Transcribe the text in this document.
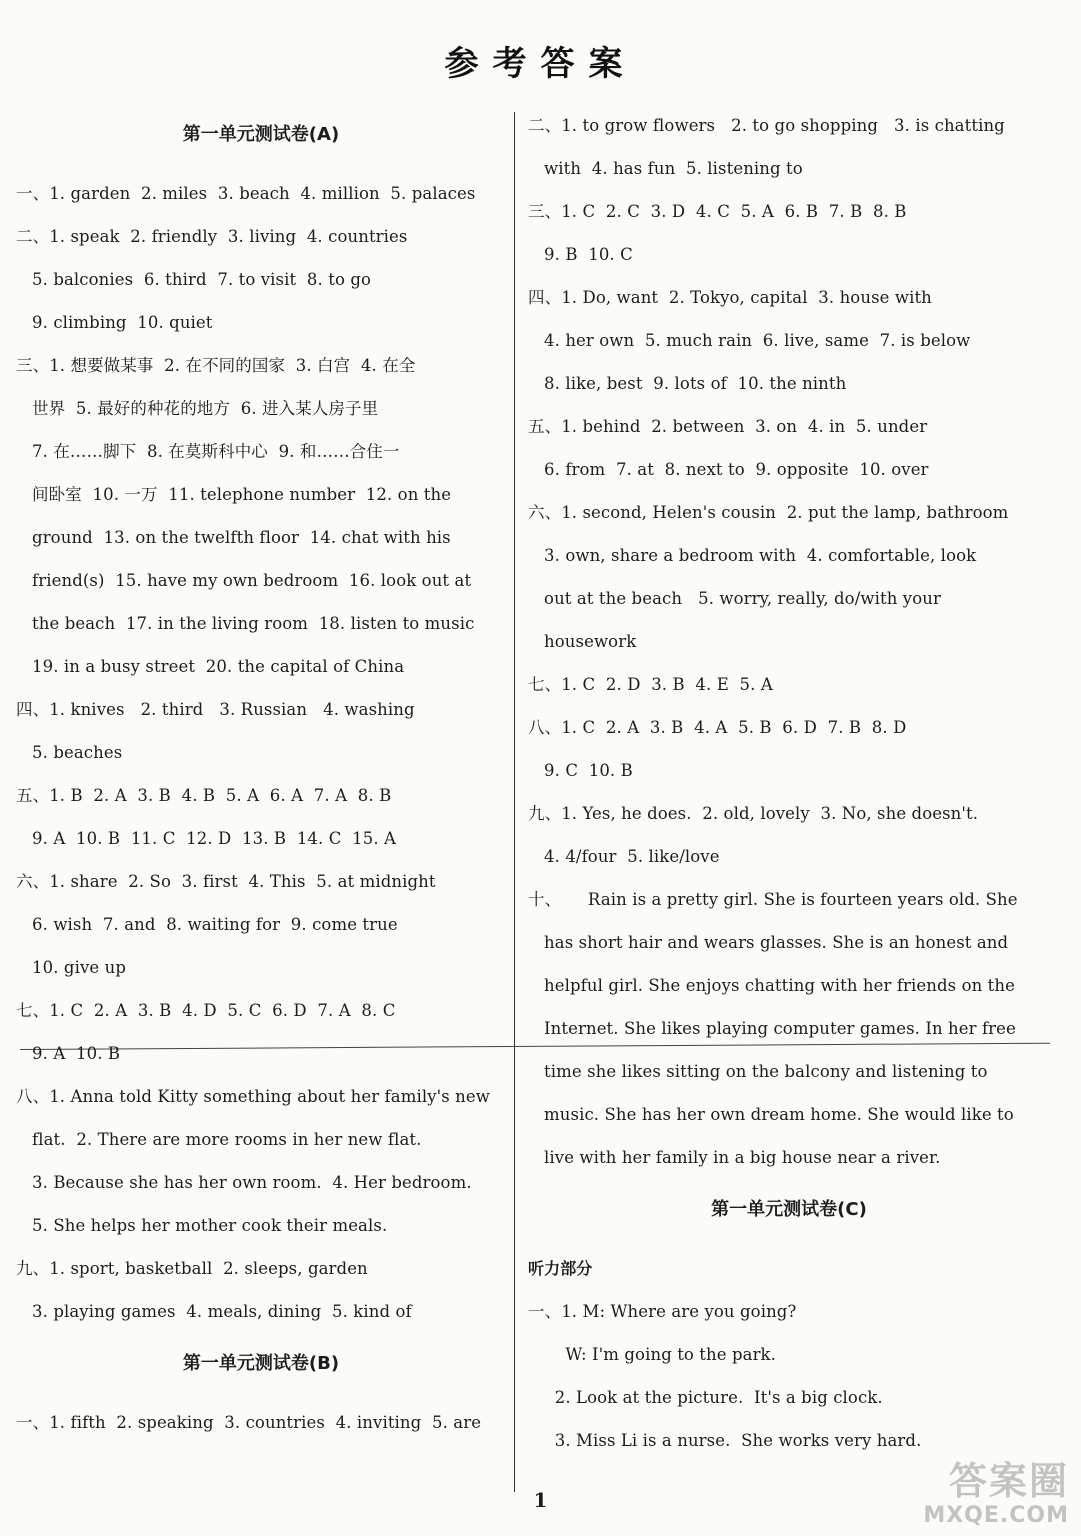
参考答案
第一单元测试卷(A)
一、1. garden  2. miles  3. beach  4. million  5. palaces
二、1. speak  2. friendly  3. living  4. countries
5. balconies  6. third  7. to visit  8. to go
9. climbing  10. quiet
三、1. 想要做某事  2. 在不同的国家  3. 白宫  4. 在全
世界  5. 最好的种花的地方  6. 进入某人房子里
7. 在……脚下  8. 在莫斯科中心  9. 和……合住一
间卧室  10. 一万  11. telephone number  12. on the
ground  13. on the twelfth floor  14. chat with his
friend(s)  15. have my own bedroom  16. look out at
the beach  17. in the living room  18. listen to music
19. in a busy street  20. the capital of China
四、1. knives   2. third   3. Russian   4. washing
5. beaches
五、1. B  2. A  3. B  4. B  5. A  6. A  7. A  8. B
9. A  10. B  11. C  12. D  13. B  14. C  15. A
六、1. share  2. So  3. first  4. This  5. at midnight
6. wish  7. and  8. waiting for  9. come true
10. give up
七、1. C  2. A  3. B  4. D  5. C  6. D  7. A  8. C
9. A  10. B
八、1. Anna told Kitty something about her family's new
flat.  2. There are more rooms in her new flat.
3. Because she has her own room.  4. Her bedroom.
5. She helps her mother cook their meals.
九、1. sport, basketball  2. sleeps, garden
3. playing games  4. meals, dining  5. kind of
第一单元测试卷(B)
一、1. fifth  2. speaking  3. countries  4. inviting  5. are
二、1. to grow flowers   2. to go shopping   3. is chatting
with  4. has fun  5. listening to
三、1. C  2. C  3. D  4. C  5. A  6. B  7. B  8. B
9. B  10. C
四、1. Do, want  2. Tokyo, capital  3. house with
4. her own  5. much rain  6. live, same  7. is below
8. like, best  9. lots of  10. the ninth
五、1. behind  2. between  3. on  4. in  5. under
6. from  7. at  8. next to  9. opposite  10. over
六、1. second, Helen's cousin  2. put the lamp, bathroom
3. own, share a bedroom with  4. comfortable, look
out at the beach   5. worry, really, do/with your
housework
七、1. C  2. D  3. B  4. E  5. A
八、1. C  2. A  3. B  4. A  5. B  6. D  7. B  8. D
9. C  10. B
九、1. Yes, he does.  2. old, lovely  3. No, she doesn't.
4. 4/four  5. like/love
十、     Rain is a pretty girl. She is fourteen years old. She
has short hair and wears glasses. She is an honest and
helpful girl. She enjoys chatting with her friends on the
Internet. She likes playing computer games. In her free
time she likes sitting on the balcony and listening to
music. She has her own dream home. She would like to
live with her family in a big house near a river.
第一单元测试卷(C)
听力部分
一、1. M: Where are you going?
W: I'm going to the park.
2. Look at the picture.  It's a big clock.
3. Miss Li is a nurse.  She works very hard.
1	答案圈
MXQE.COM
